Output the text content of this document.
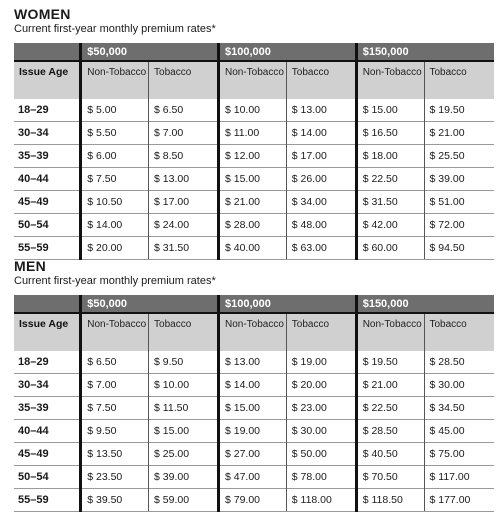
WOMEN

Current first-year monthly premium rates*

	$50,000		$100,000		$150,000	
Issue Age	Non-Tobacco	Tobacco	Non-Tobacco	Tobacco	Non-Tobacco	Tobacco
18–29	$ 5.00	$ 6.50	$ 10.00	$ 13.00	$ 15.00	$ 19.50
30–34	$ 5.50	$ 7.00	$ 11.00	$ 14.00	$ 16.50	$ 21.00
35–39	$ 6.00	$ 8.50	$ 12.00	$ 17.00	$ 18.00	$ 25.50
40–44	$ 7.50	$ 13.00	$ 15.00	$ 26.00	$ 22.50	$ 39.00
45–49	$ 10.50	$ 17.00	$ 21.00	$ 34.00	$ 31.50	$ 51.00
50–54	$ 14.00	$ 24.00	$ 28.00	$ 48.00	$ 42.00	$ 72.00
55–59	$ 20.00	$ 31.50	$ 40.00	$ 63.00	$ 60.00	$ 94.50
MEN

Current first-year monthly premium rates*

	$50,000		$100,000		$150,000	
Issue Age	Non-Tobacco	Tobacco	Non-Tobacco	Tobacco	Non-Tobacco	Tobacco
18–29	$ 6.50	$ 9.50	$ 13.00	$ 19.00	$ 19.50	$ 28.50
30–34	$ 7.00	$ 10.00	$ 14.00	$ 20.00	$ 21.00	$ 30.00
35–39	$ 7.50	$ 11.50	$ 15.00	$ 23.00	$ 22.50	$ 34.50
40–44	$ 9.50	$ 15.00	$ 19.00	$ 30.00	$ 28.50	$ 45.00
45–49	$ 13.50	$ 25.00	$ 27.00	$ 50.00	$ 40.50	$ 75.00
50–54	$ 23.50	$ 39.00	$ 47.00	$ 78.00	$ 70.50	$ 117.00
55–59	$ 39.50	$ 59.00	$ 79.00	$ 118.00	$ 118.50	$ 177.00
